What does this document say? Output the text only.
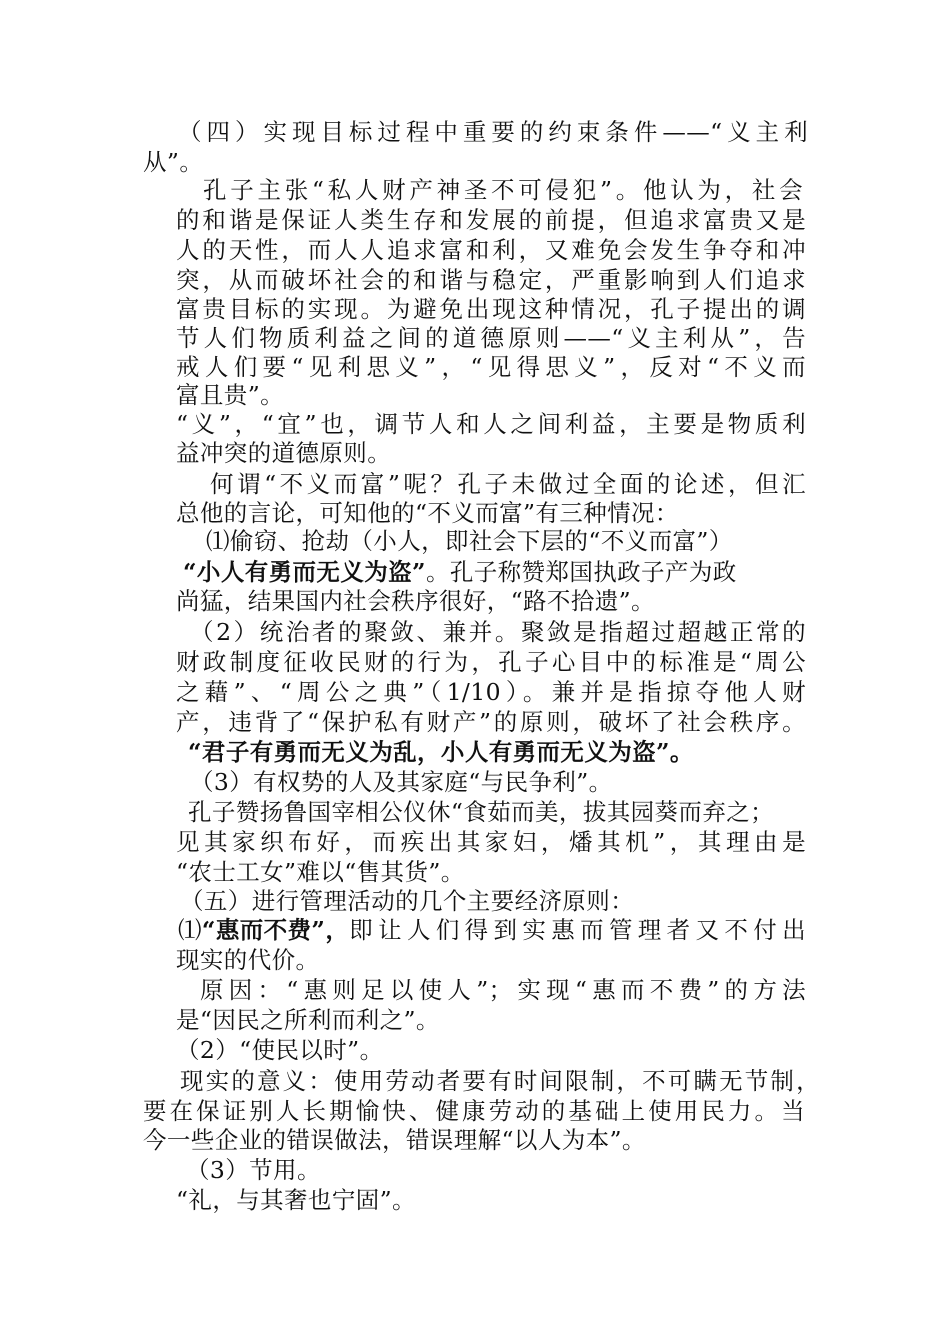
（四）实现目标过程中重要的约束条件——“义主利
从”。
孔子主张“私人财产神圣不可侵犯”。他认为，社会
的和谐是保证人类生存和发展的前提，但追求富贵又是
人的天性，而人人追求富和利，又难免会发生争夺和冲
突，从而破坏社会的和谐与稳定，严重影响到人们追求
富贵目标的实现。为避免出现这种情况，孔子提出的调
节人们物质利益之间的道德原则——“义主利从”，告
戒人们要“见利思义”，“见得思义”，反对“不义而
富且贵”。
“义”，“宜”也，调节人和人之间利益，主要是物质利
益冲突的道德原则。
何谓“不义而富”呢？孔子未做过全面的论述，但汇
总他的言论，可知他的“不义而富”有三种情况：
⑴偷窃、抢劫（小人，即社会下层的“不义而富”）
“小人有勇而无义为盗”。孔子称赞郑国执政子产为政
尚猛，结果国内社会秩序很好，“路不拾遗”。
（2）统治者的聚敛、兼并。聚敛是指超过超越正常的
财政制度征收民财的行为，孔子心目中的标准是“周公
之藉”、“周公之典”（1/10）。兼并是指掠夺他人财
产，违背了“保护私有财产”的原则，破坏了社会秩序。
“君子有勇而无义为乱，小人有勇而无义为盗”。
（3）有权势的人及其家庭“与民争利”。
孔子赞扬鲁国宰相公仪休“食茹而美，拔其园葵而弃之；
见其家织布好，而疾出其家妇，燔其机”，其理由是
“农士工女”难以“售其货”。
（五）进行管理活动的几个主要经济原则：
⑴ “惠而不费”， 即让人们得到实惠而管理者又不付出
现实的代价。
原因：“惠则足以使人”；实现“惠而不费”的方法
是“因民之所利而利之”。
（2）“使民以时”。
现实的意义：使用劳动者要有时间限制，不可瞒无节制，
要在保证别人长期愉快、健康劳动的基础上使用民力。当
今一些企业的错误做法，错误理解“以人为本”。
（3）节用。
“礼，与其奢也宁固”。
